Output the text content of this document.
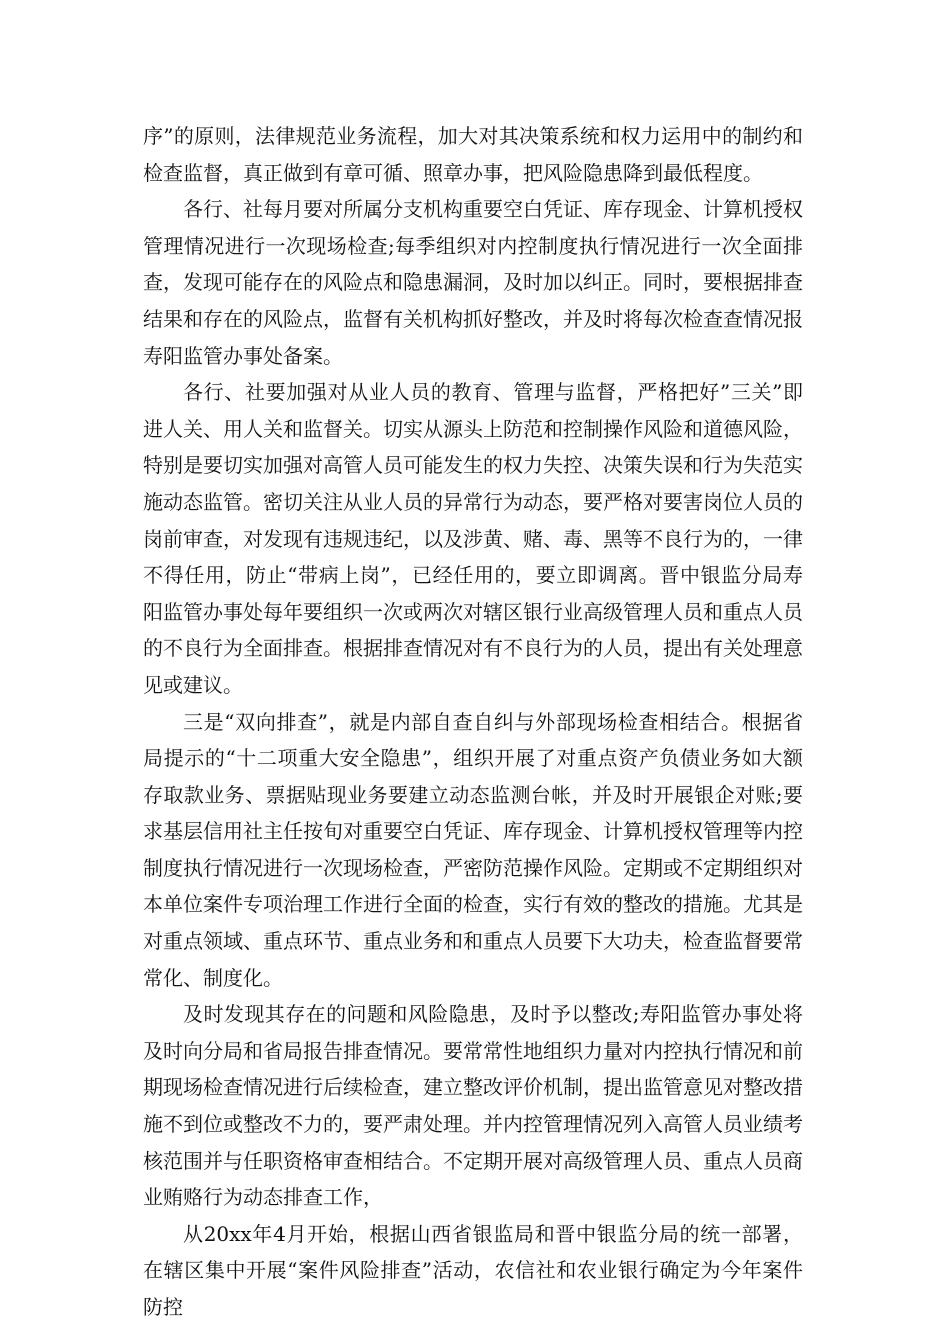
序”的原则，法律规范业务流程，加大对其决策系统和权力运用中的制约和检查监督，真正做到有章可循、照章办事，把风险隐患降到最低程度。

各行、社每月要对所属分支机构重要空白凭证、库存现金、计算机授权管理情况进行一次现场检查;每季组织对内控制度执行情况进行一次全面排查，发现可能存在的风险点和隐患漏洞，及时加以纠正。同时，要根据排查结果和存在的风险点，监督有关机构抓好整改，并及时将每次检查查情况报寿阳监管办事处备案。

各行、社要加强对从业人员的教育、管理与监督，严格把好”三关”即进人关、用人关和监督关。切实从源头上防范和控制操作风险和道德风险，特别是要切实加强对高管人员可能发生的权力失控、决策失误和行为失范实施动态监管。密切关注从业人员的异常行为动态，要严格对要害岗位人员的岗前审查，对发现有违规违纪，以及涉黄、赌、毒、黑等不良行为的，一律不得任用，防止“带病上岗”，已经任用的，要立即调离。晋中银监分局寿阳监管办事处每年要组织一次或两次对辖区银行业高级管理人员和重点人员的不良行为全面排查。根据排查情况对有不良行为的人员，提出有关处理意见或建议。

三是“双向排查”，就是内部自查自纠与外部现场检查相结合。根据省局提示的“十二项重大安全隐患”，组织开展了对重点资产负债业务如大额存取款业务、票据贴现业务要建立动态监测台帐，并及时开展银企对账;要求基层信用社主任按旬对重要空白凭证、库存现金、计算机授权管理等内控制度执行情况进行一次现场检查，严密防范操作风险。定期或不定期组织对本单位案件专项治理工作进行全面的检查，实行有效的整改的措施。尤其是对重点领域、重点环节、重点业务和和重点人员要下大功夫，检查监督要常常化、制度化。

及时发现其存在的问题和风险隐患，及时予以整改;寿阳监管办事处将及时向分局和省局报告排查情况。要常常性地组织力量对内控执行情况和前期现场检查情况进行后续检查，建立整改评价机制，提出监管意见对整改措施不到位或整改不力的，要严肃处理。并内控管理情况列入高管人员业绩考核范围并与任职资格审查相结合。不定期开展对高级管理人员、重点人员商业贿赂行为动态排查工作，

从20xx年4月开始，根据山西省银监局和晋中银监分局的统一部署，在辖区集中开展“案件风险排查”活动，农信社和农业银行确定为今年案件防控
